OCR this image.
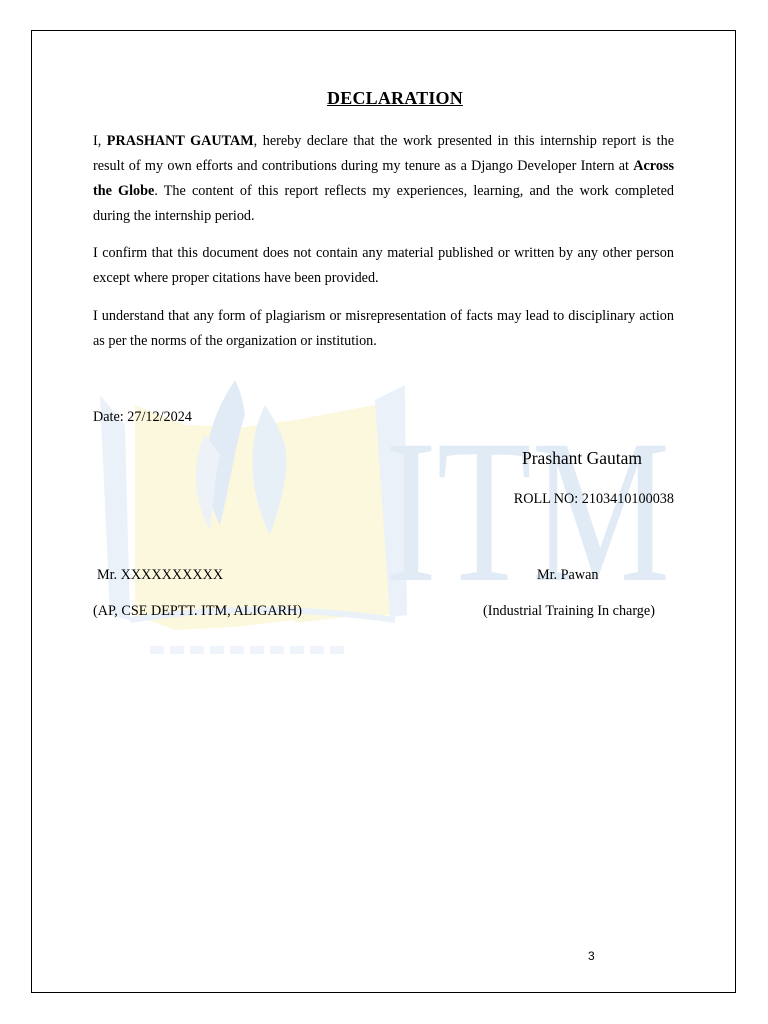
ITM
DECLARATION

I, PRASHANT GAUTAM, hereby declare that the work presented in this internship report is the result of my own efforts and contributions during my tenure as a Django Developer Intern at Across the Globe. The content of this report reflects my experiences, learning, and the work completed during the internship period.

I confirm that this document does not contain any material published or written by any other person except where proper citations have been provided.

I understand that any form of plagiarism or misrepresentation of facts may lead to disciplinary action as per the norms of the organization or institution.

Date: 27/12/2024
Prashant Gautam
ROLL NO: 2103410100038
Mr. XXXXXXXXXX
(AP, CSE DEPTT. ITM, ALIGARH)
Mr. Pawan
(Industrial Training In charge)
3
